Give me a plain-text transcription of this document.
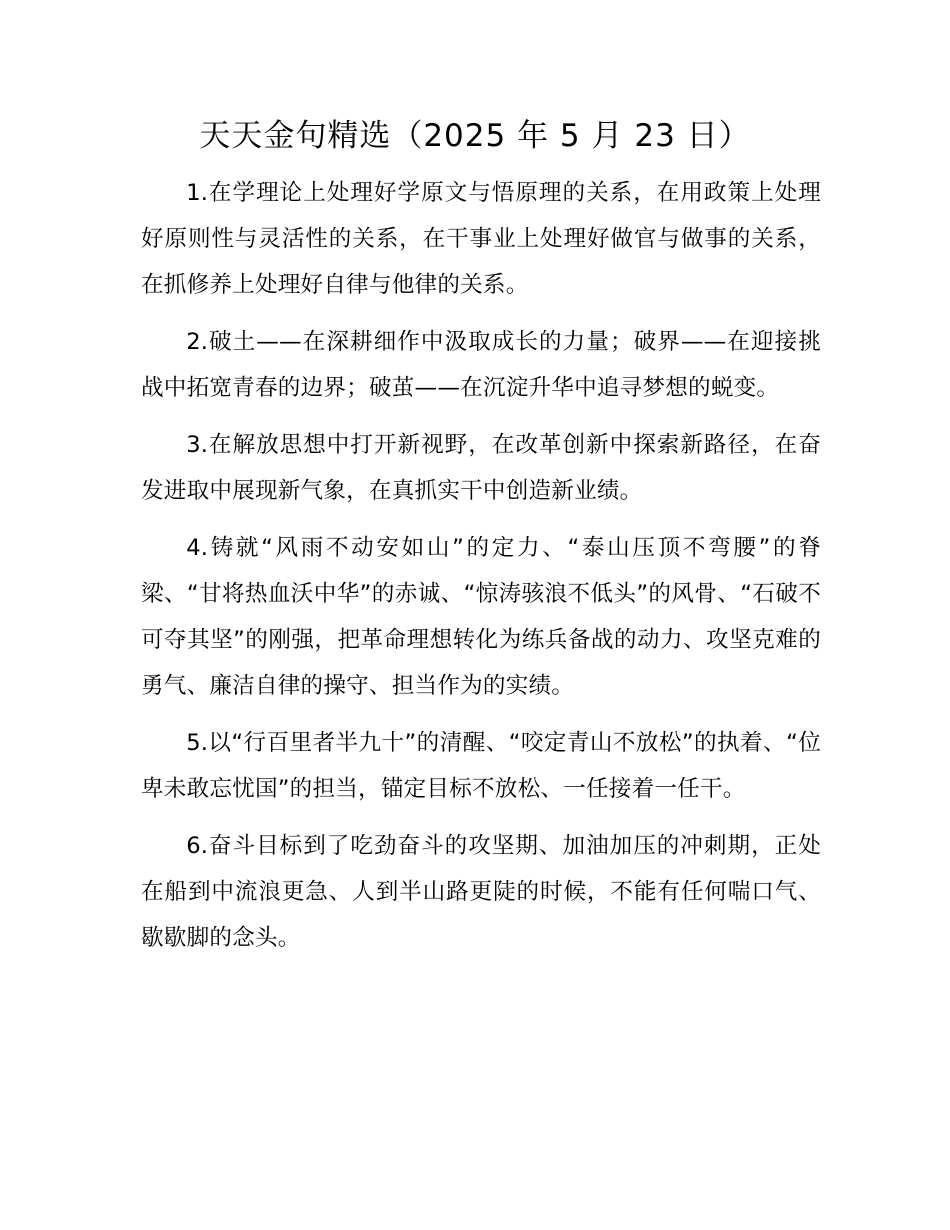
天天金句精选（2025 年 5 月 23 日）

1.在学理论上处理好学原文与悟原理的关系，在用政策上处理好原则性与灵活性的关系，在干事业上处理好做官与做事的关系，在抓修养上处理好自律与他律的关系。

2.破土——在深耕细作中汲取成长的力量；破界——在迎接挑战中拓宽青春的边界；破茧——在沉淀升华中追寻梦想的蜕变。

3.在解放思想中打开新视野，在改革创新中探索新路径，在奋发进取中展现新气象，在真抓实干中创造新业绩。

4.铸就“风雨不动安如山”的定力、“泰山压顶不弯腰”的脊梁、“甘将热血沃中华”的赤诚、“惊涛骇浪不低头”的风骨、“石破不可夺其坚”的刚强，把革命理想转化为练兵备战的动力、攻坚克难的勇气、廉洁自律的操守、担当作为的实绩。

5.以“行百里者半九十”的清醒、“咬定青山不放松”的执着、“位卑未敢忘忧国”的担当，锚定目标不放松、一任接着一任干。

6.奋斗目标到了吃劲奋斗的攻坚期、加油加压的冲刺期，正处在船到中流浪更急、人到半山路更陡的时候，不能有任何喘口气、歇歇脚的念头。
